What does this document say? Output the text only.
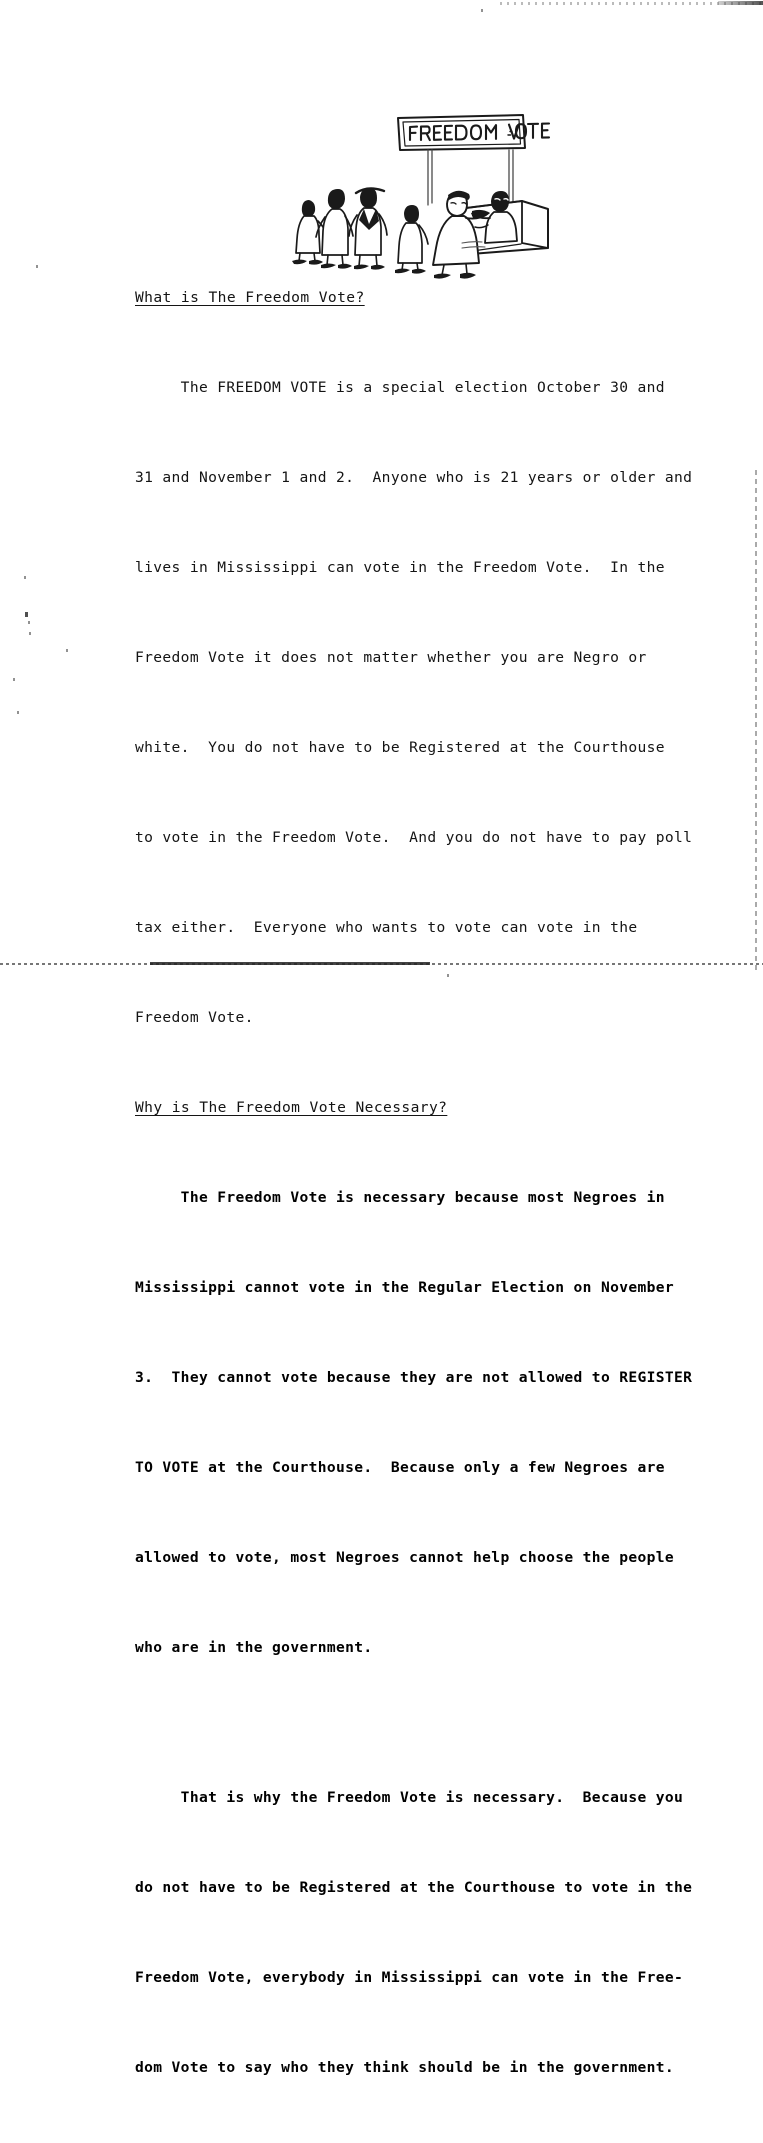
What is The Freedom Vote?

The FREEDOM VOTE is a special election October 30 and

31 and November 1 and 2.  Anyone who is 21 years or older and

lives in Mississippi can vote in the Freedom Vote.  In the

Freedom Vote it does not matter whether you are Negro or

white.  You do not have to be Registered at the Courthouse

to vote in the Freedom Vote.  And you do not have to pay poll

tax either.  Everyone who wants to vote can vote in the

Freedom Vote.

Why is The Freedom Vote Necessary?

The Freedom Vote is necessary because most Negroes in

Mississippi cannot vote in the Regular Election on November

3.  They cannot vote because they are not allowed to REGISTER

TO VOTE at the Courthouse.  Because only a few Negroes are

allowed to vote, most Negroes cannot help choose the people

who are in the government.

That is why the Freedom Vote is necessary.  Because you

do not have to be Registered at the Courthouse to vote in the

Freedom Vote, everybody in Mississippi can vote in the Free-

dom Vote to say who they think should be in the government.
